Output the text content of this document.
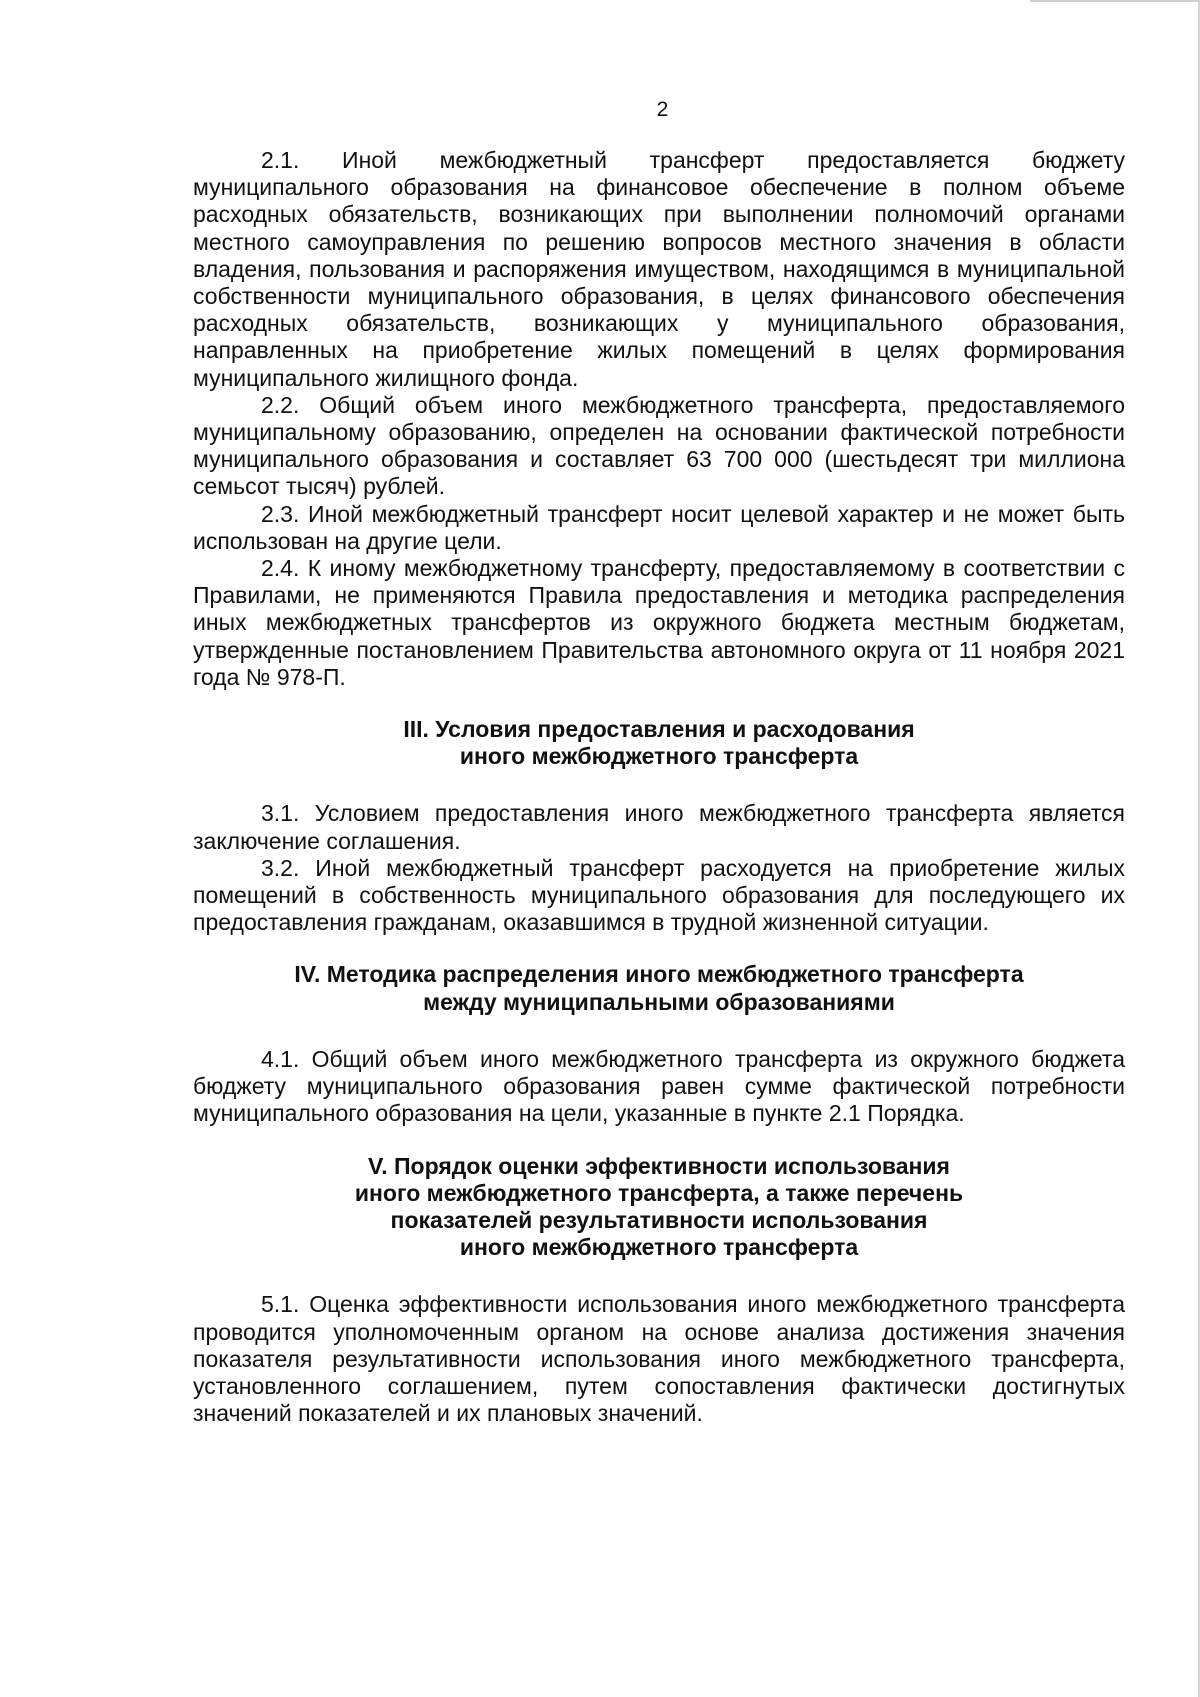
2

2.1. Иной межбюджетный трансферт предоставляется бюджету муниципального образования на финансовое обеспечение в полном объеме расходных обязательств, возникающих при выполнении полномочий органами местного самоуправления по решению вопросов местного значения в области владения, пользования и распоряжения имуществом, находящимся в муниципальной собственности муниципального образования, в целях финансового обеспечения расходных обязательств, возникающих у муниципального образования, направленных на приобретение жилых помещений в целях формирования муниципального жилищного фонда.

2.2. Общий объем иного межбюджетного трансферта, предоставляемого муниципальному образованию, определен на основании фактической потребности муниципального образования и составляет 63 700 000 (шестьдесят три миллиона семьсот тысяч) рублей.

2.3. Иной межбюджетный трансферт носит целевой характер и не может быть использован на другие цели.

2.4. К иному межбюджетному трансферту, предоставляемому в соответствии с Правилами, не применяются Правила предоставления и методика распределения иных межбюджетных трансфертов из окружного бюджета местным бюджетам, утвержденные постановлением Правительства автономного округа от 11 ноября 2021 года № 978-П.

III. Условия предоставления и расходования
иного межбюджетного трансферта

3.1. Условием предоставления иного межбюджетного трансферта является заключение соглашения.

3.2. Иной межбюджетный трансферт расходуется на приобретение жилых помещений в собственность муниципального образования для последующего их предоставления гражданам, оказавшимся в трудной жизненной ситуации.

IV. Методика распределения иного межбюджетного трансферта
между муниципальными образованиями

4.1. Общий объем иного межбюджетного трансферта из окружного бюджета бюджету муниципального образования равен сумме фактической потребности муниципального образования на цели, указанные в пункте 2.1 Порядка.

V. Порядок оценки эффективности использования
иного межбюджетного трансферта, а также перечень
показателей результативности использования
иного межбюджетного трансферта

5.1. Оценка эффективности использования иного межбюджетного трансферта проводится уполномоченным органом на основе анализа достижения значения показателя результативности использования иного межбюджетного трансферта, установленного соглашением, путем сопоставления фактически достигнутых значений показателей и их плановых значений.
